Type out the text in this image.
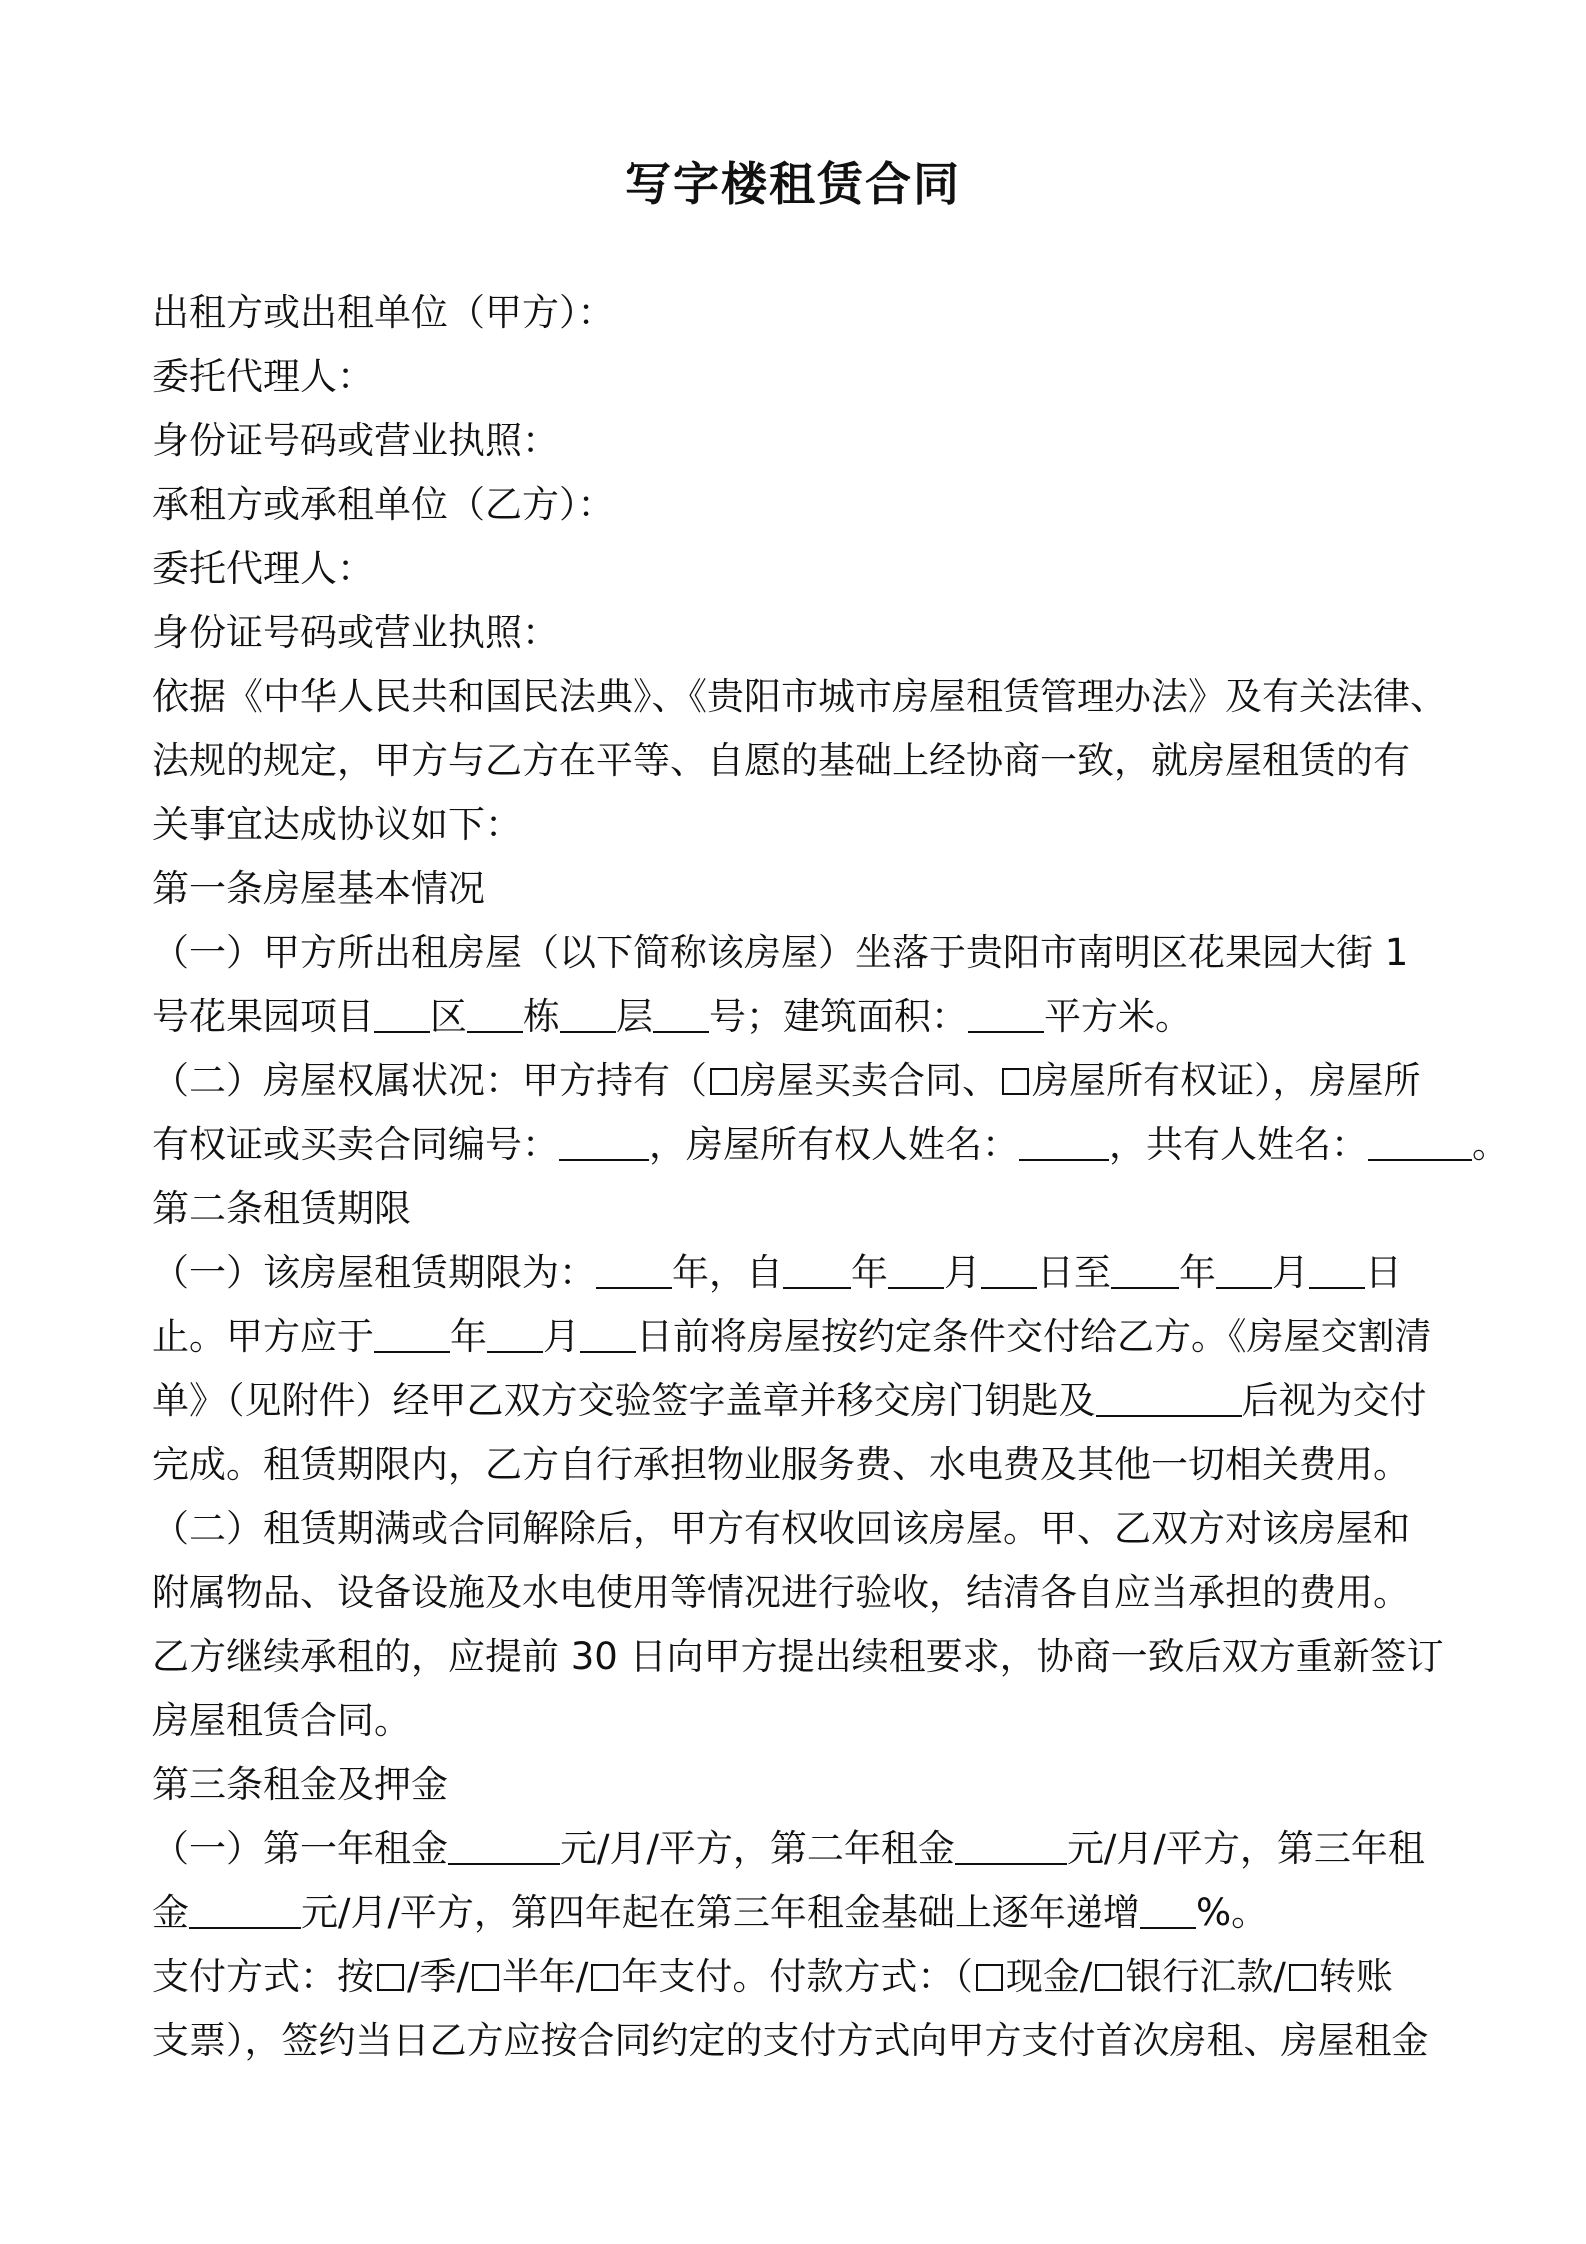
写字楼租赁合同
出租方或出租单位（甲方）：
委托代理人：
身份证号码或营业执照：
承租方或承租单位（乙方）：
委托代理人：
身份证号码或营业执照：
依据《中华人民共和国民法典》、《贵阳市城市房屋租赁管理办法》及有关法律、
法规的规定，甲方与乙方在平等、自愿的基础上经协商一致，就房屋租赁的有
关事宜达成协议如下：
第一条房屋基本情况
（一）甲方所出租房屋（以下简称该房屋）坐落于贵阳市南明区花果园大街 1
号花果园项目 区 栋 层 号；建筑面积： 平方米。
（二）房屋权属状况：甲方持有（ 房屋买卖合同、 房屋所有权证），房屋所
有权证或买卖合同编号： ，房屋所有权人姓名： ，共有人姓名：	。
第二条租赁期限
（一）该房屋租赁期限为： 年，自 年 月 日至 年 月 日
止。甲方应于 年 月 日前将房屋按约定条件交付给乙方。《房屋交割清
单》（见附件）经甲乙双方交验签字盖章并移交房门钥匙及	后视为交付
完成。租赁期限内，乙方自行承担物业服务费、水电费及其他一切相关费用。
（二）租赁期满或合同解除后，甲方有权收回该房屋。甲、乙双方对该房屋和
附属物品、设备设施及水电使用等情况进行验收，结清各自应当承担的费用。
乙方继续承租的，应提前 30 日向甲方提出续租要求，协商一致后双方重新签订
房屋租赁合同。
第三条租金及押金
（一）第一年租金	元/月/平方，第二年租金	元/月/平方，第三年租
金	元/月/平方，第四年起在第三年租金基础上逐年递增 %。
支付方式：按 /季/ 半年/ 年支付。付款方式：（ 现金/ 银行汇款/ 转账
支票），签约当日乙方应按合同约定的支付方式向甲方支付首次房租、房屋租金
